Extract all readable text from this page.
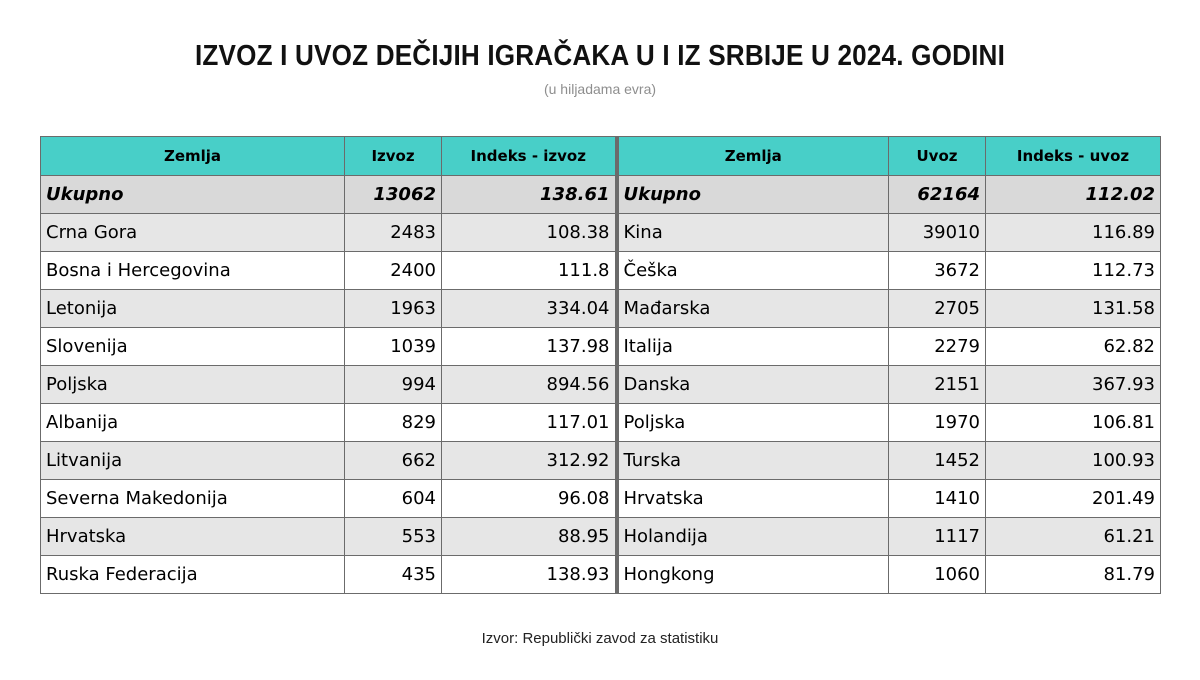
IZVOZ I UVOZ DEČIJIH IGRAČAKA U I IZ SRBIJE U 2024. GODINI
(u hiljadama evra)
Zemlja	Izvoz	Indeks - izvoz	Zemlja	Uvoz	Indeks - uvoz
Ukupno	13062	138.61	Ukupno	62164	112.02
Crna Gora	2483	108.38	Kina	39010	116.89
Bosna i Hercegovina	2400	111.8	Češka	3672	112.73
Letonija	1963	334.04	Mađarska	2705	131.58
Slovenija	1039	137.98	Italija	2279	62.82
Poljska	994	894.56	Danska	2151	367.93
Albanija	829	117.01	Poljska	1970	106.81
Litvanija	662	312.92	Turska	1452	100.93
Severna Makedonija	604	96.08	Hrvatska	1410	201.49
Hrvatska	553	88.95	Holandija	1117	61.21
Ruska Federacija	435	138.93	Hongkong	1060	81.79
Izvor: Republički zavod za statistiku
